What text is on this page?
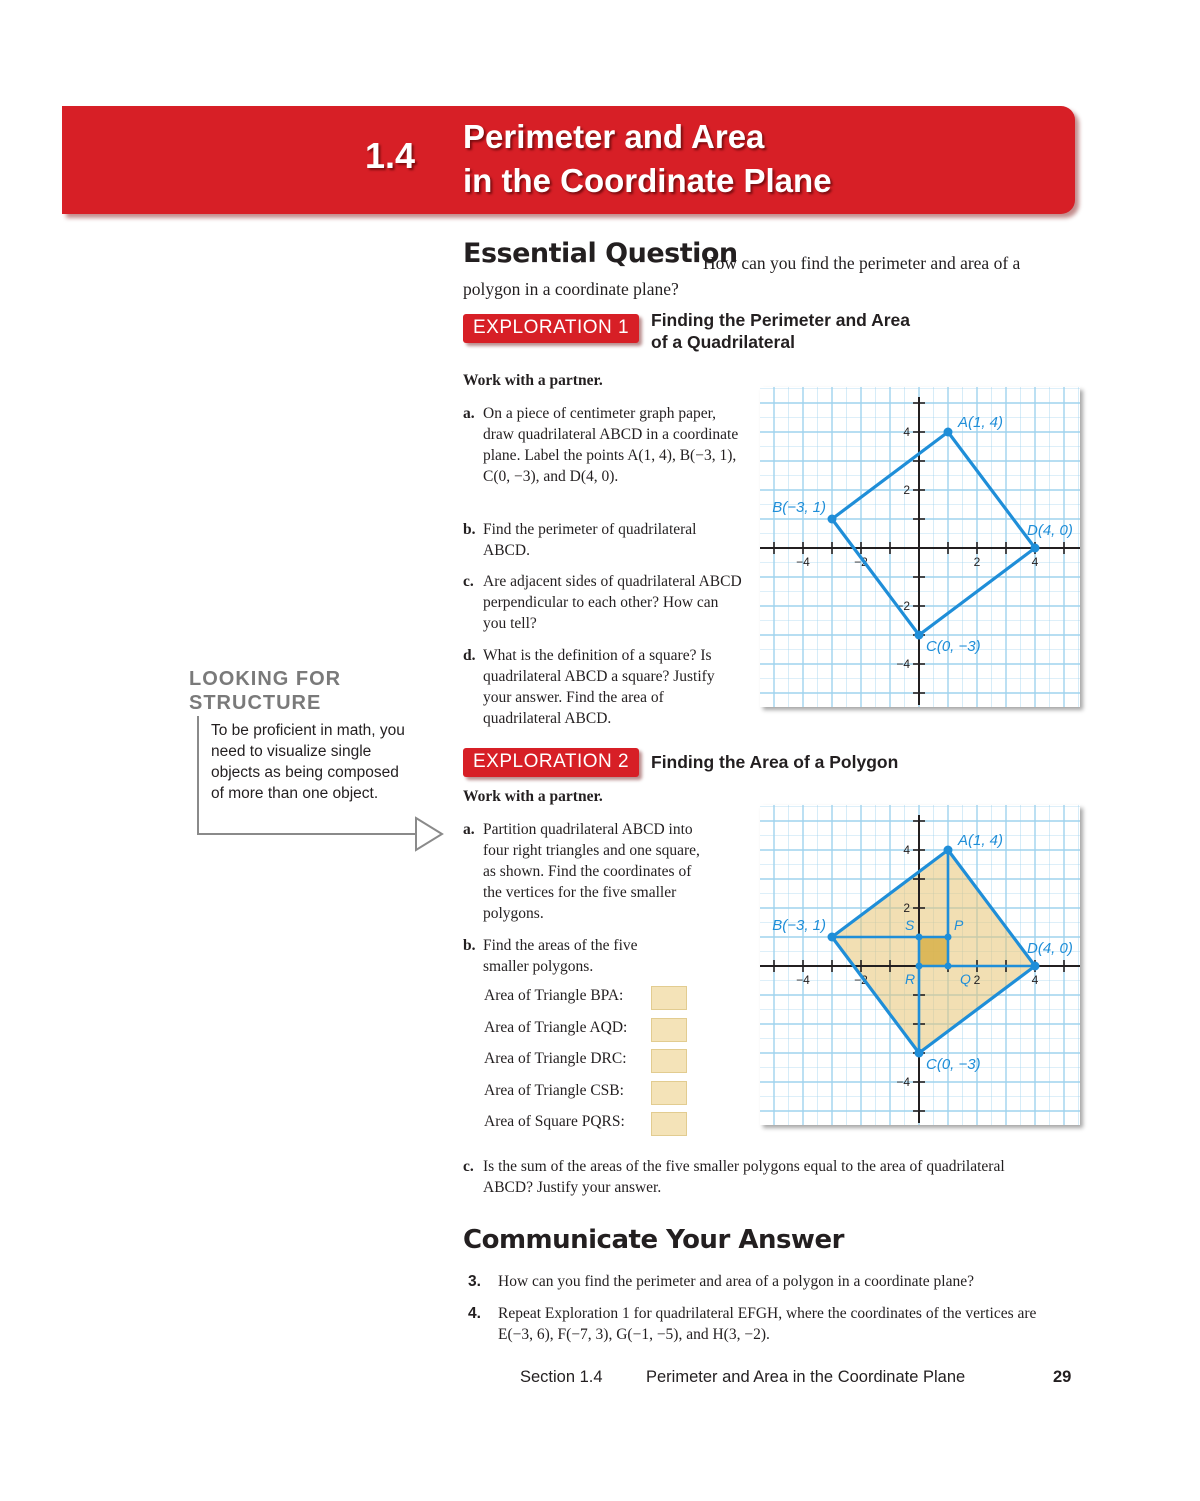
1.4 Perimeter and Area
in the Coordinate Plane
How can you find the perimeter and area of a polygon in a coordinate plane?
Essential Question
EXPLORATION 1	Finding the Perimeter and Area
of a Quadrilateral
Work with a partner.
a. On a piece of centimeter graph paper, draw quadrilateral ABCD in a coordinate plane. Label the points A(1, 4), B(−3, 1), C(0, −3), and D(4, 0).
b. Find the perimeter of quadrilateral ABCD.
c. Are adjacent sides of quadrilateral ABCD perpendicular to each other? How can you tell?
d. What is the definition of a square? Is quadrilateral ABCD a square? Justify your answer. Find the area of quadrilateral ABCD.
−4	−2	2	4
4
2
−2
−4
A(1, 4)
B(−3, 1)
C(0, −3)
D(4, 0)
EXPLORATION 2	Finding the Area of a Polygon
Work with a partner.
a. Partition quadrilateral ABCD into four right triangles and one square, as shown. Find the coordinates of the vertices for the five smaller polygons.
b. Find the areas of the five smaller polygons.
Area of Triangle BPA:
Area of Triangle AQD:
Area of Triangle DRC:
Area of Triangle CSB:
Area of Square PQRS:
−4	−2	2	4
4
2
−4
S	P
R	Q
A(1, 4)
B(−3, 1)
C(0, −3)
D(4, 0)
c. Is the sum of the areas of the five smaller polygons equal to the area of quadrilateral ABCD? Justify your answer.
Communicate Your Answer
3. How can you find the perimeter and area of a polygon in a coordinate plane?
4. Repeat Exploration 1 for quadrilateral EFGH, where the coordinates of the vertices are E(−3, 6), F(−7, 3), G(−1, −5), and H(3, −2).
LOOKING FOR
STRUCTURE
To be proficient in math, you need to visualize single objects as being composed of more than one object.
Section 1.4	Perimeter and Area in the Coordinate Plane	29
